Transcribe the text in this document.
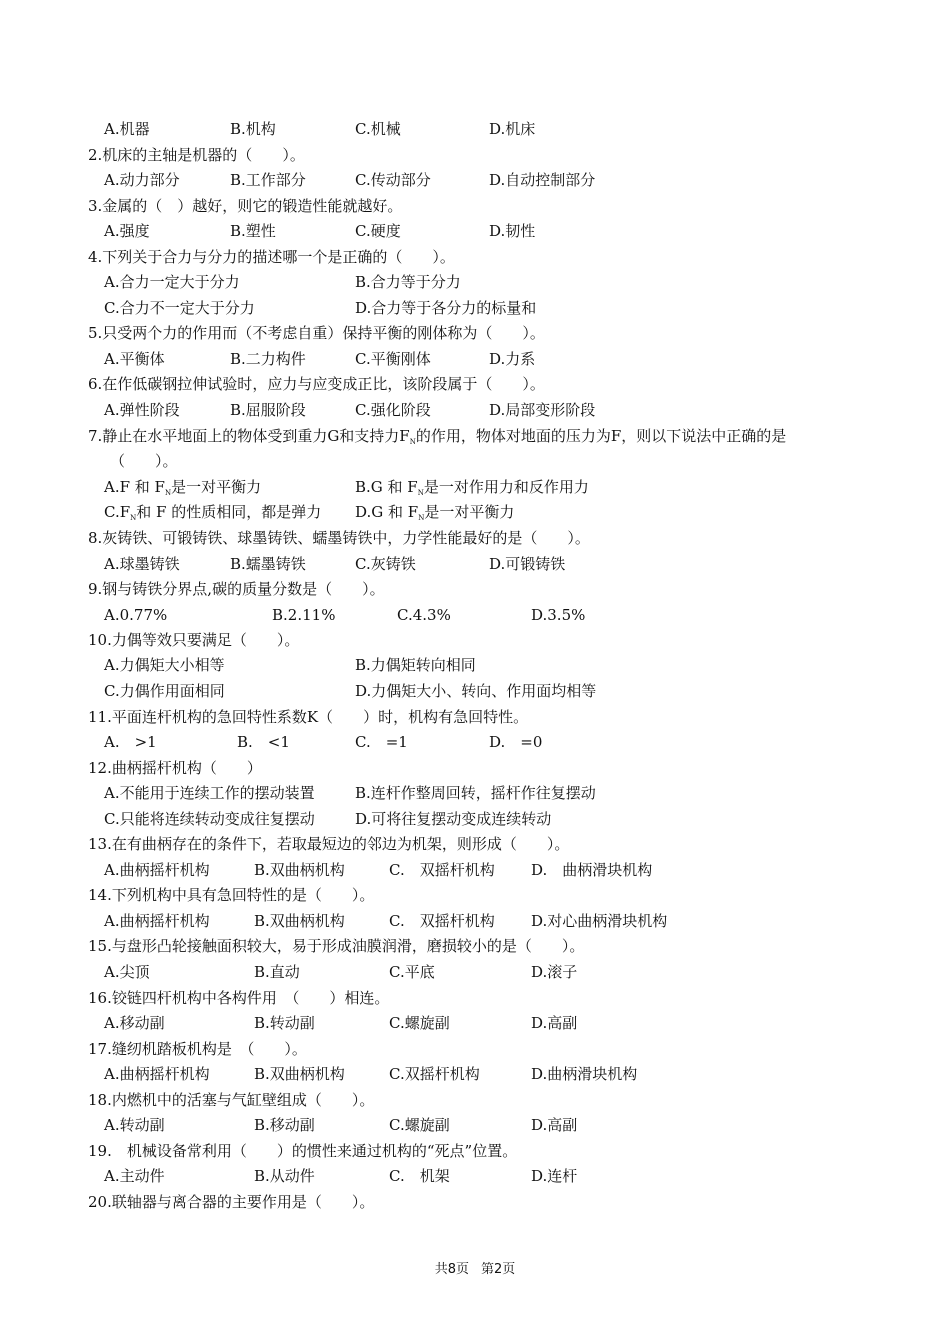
A.机器	B.机构	C.机械	D.机床
2.机床的主轴是机器的（　　）。
A.动力部分	B.工作部分	C.传动部分	D.自动控制部分
3.金属的（　）越好，则它的锻造性能就越好。
A.强度	B.塑性	C.硬度	D.韧性
4.下列关于合力与分力的描述哪一个是正确的（　　）。
A.合力一定大于分力	B.合力等于分力
C.合力不一定大于分力	D.合力等于各分力的标量和
5.只受两个力的作用而（不考虑自重）保持平衡的刚体称为（　　）。
A.平衡体	B.二力构件	C.平衡刚体	D.力系
6.在作低碳钢拉伸试验时，应力与应变成正比，该阶段属于（　　）。
A.弹性阶段	B.屈服阶段	C.强化阶段	D.局部变形阶段
7.静止在水平地面上的物体受到重力G和支持力$F_N$的作用，物体对地面的压力为F，则以下说法中正确的是
（　　）。
A.F 和 $F_N$是一对平衡力	B.G 和 $F_N$是一对作用力和反作用力
$C.F_N$和 F 的性质相同，都是弹力 D.G 和 $F_N$是一对平衡力
8.灰铸铁、可锻铸铁、球墨铸铁、蠕墨铸铁中，力学性能最好的是（　　）。
A.球墨铸铁	B.蠕墨铸铁	C.灰铸铁	D.可锻铸铁
9.钢与铸铁分界点,碳的质量分数是（　　）。
A.0.77%	B.2.11%	C.4.3%	D.3.5%
10.力偶等效只要满足（　　）。
A.力偶矩大小相等	B.力偶矩转向相同
C.力偶作用面相同	D.力偶矩大小、转向、作用面均相等
11.平面连杆机构的急回特性系数K（　　）时，机构有急回特性。
A.　>1	B.　<1	C.　=1	D.　=0
12.曲柄摇杆机构（　　）
A.不能用于连续工作的摆动装置	B.连杆作整周回转，摇杆作往复摆动
C.只能将连续转动变成往复摆动	D.可将往复摆动变成连续转动
13.在有曲柄存在的条件下，若取最短边的邻边为机架，则形成（　　）。
A.曲柄摇杆机构	B.双曲柄机构	C.　双摇杆机构 D.　曲柄滑块机构
14.下列机构中具有急回特性的是（　　）。
A.曲柄摇杆机构	B.双曲柄机构	C.　双摇杆机构 D.对心曲柄滑块机构
15.与盘形凸轮接触面积较大，易于形成油膜润滑，磨损较小的是（　　）。
A.尖顶	B.直动	C.平底	D.滚子
16.铰链四杆机构中各构件用　（　　）相连。
A.移动副	B.转动副	C.螺旋副	D.高副
17.缝纫机踏板机构是　（　　）。
A.曲柄摇杆机构	B.双曲柄机构	C.双摇杆机构	D.曲柄滑块机构
18.内燃机中的活塞与气缸壁组成（　　）。
A.转动副	B.移动副	C.螺旋副	D.高副
19.　机械设备常利用（　　）的惯性来通过机构的“死点”位置。
A.主动件	B.从动件	C.　机架	D.连杆
20.联轴器与离合器的主要作用是（　　）。
共8页 第2页
